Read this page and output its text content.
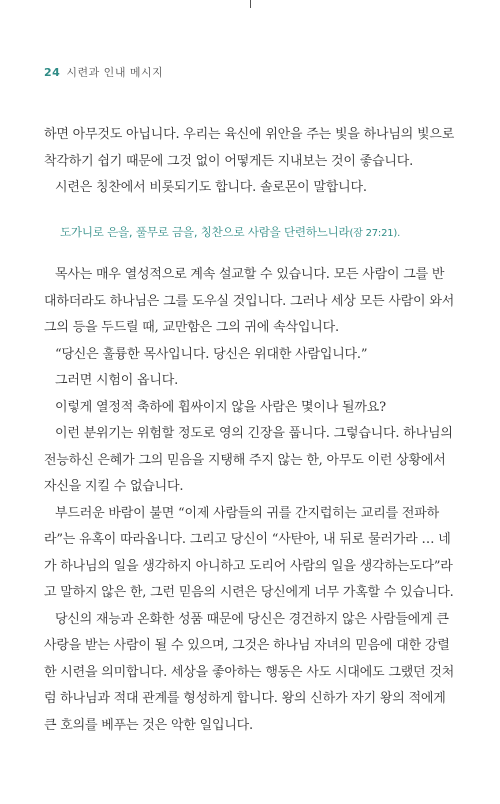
24 시련과 인내 메시지

하면 아무것도 아닙니다. 우리는 육신에 위안을 주는 빛을 하나님의 빛으로 착각하기 쉽기 때문에 그것 없이 어떻게든 지내보는 것이 좋습니다.

시련은 칭찬에서 비롯되기도 합니다. 솔로몬이 말합니다.

도가니로 은을, 풀무로 금을, 칭찬으로 사람을 단련하느니라(잠 27:21).

목사는 매우 열성적으로 계속 설교할 수 있습니다. 모든 사람이 그를 반대하더라도 하나님은 그를 도우실 것입니다. 그러나 세상 모든 사람이 와서 그의 등을 두드릴 때, 교만함은 그의 귀에 속삭입니다.

“당신은 훌륭한 목사입니다. 당신은 위대한 사람입니다.”

그러면 시험이 옵니다.

이렇게 열정적 축하에 휩싸이지 않을 사람은 몇이나 될까요?

이런 분위기는 위험할 정도로 영의 긴장을 풉니다. 그렇습니다. 하나님의 전능하신 은혜가 그의 믿음을 지탱해 주지 않는 한, 아무도 이런 상황에서 자신을 지킬 수 없습니다.

부드러운 바람이 불면 “이제 사람들의 귀를 간지럽히는 교리를 전파하라”는 유혹이 따라옵니다. 그리고 당신이 “사탄아, 내 뒤로 물러가라 … 네가 하나님의 일을 생각하지 아니하고 도리어 사람의 일을 생각하는도다”라고 말하지 않은 한, 그런 믿음의 시련은 당신에게 너무 가혹할 수 있습니다.

당신의 재능과 온화한 성품 때문에 당신은 경건하지 않은 사람들에게 큰 사랑을 받는 사람이 될 수 있으며, 그것은 하나님 자녀의 믿음에 대한 강렬한 시련을 의미합니다. 세상을 좋아하는 행동은 사도 시대에도 그랬던 것처럼 하나님과 적대 관계를 형성하게 합니다. 왕의 신하가 자기 왕의 적에게 큰 호의를 베푸는 것은 악한 일입니다.
